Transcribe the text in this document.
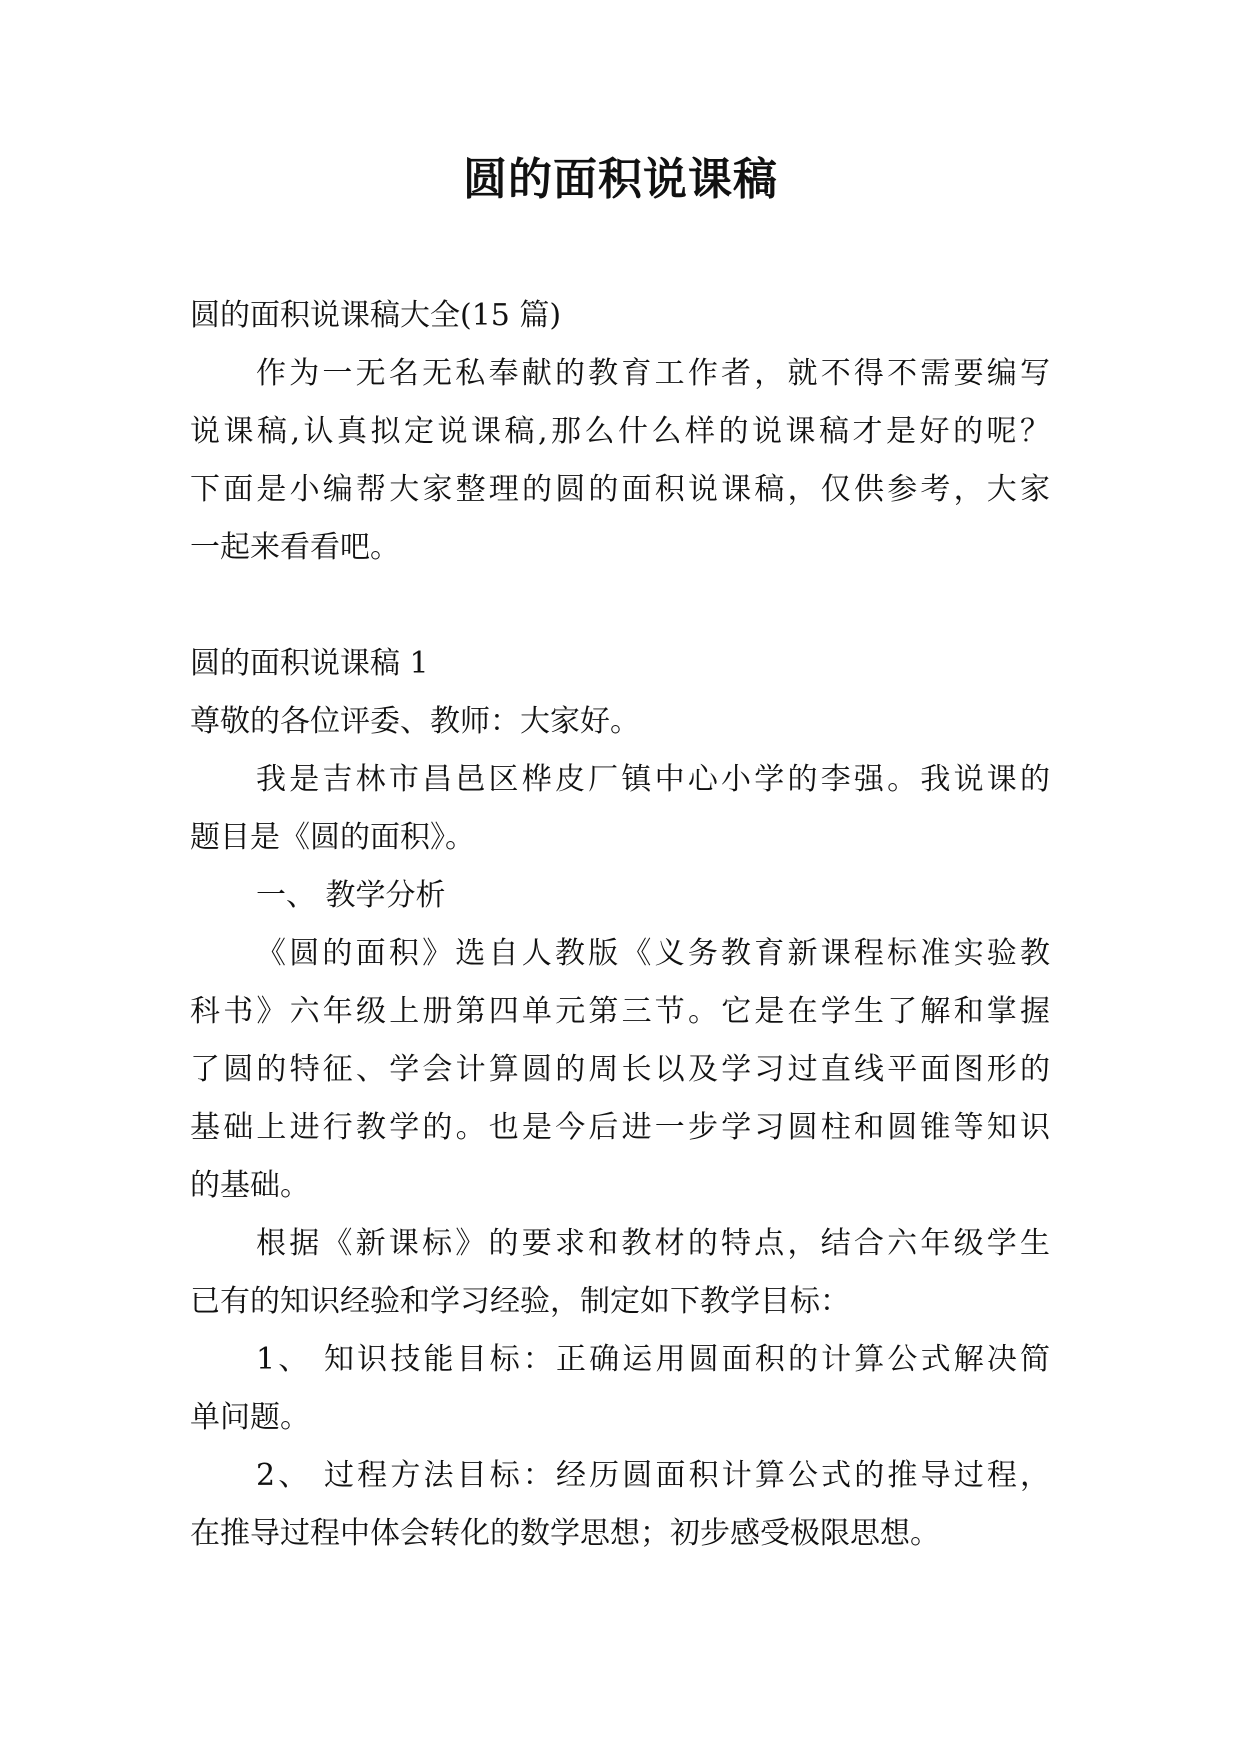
圆的面积说课稿

圆的面积说课稿大全(15 篇)

作为一无名无私奉献的教育工作者，就不得不需要编写

说课稿,认真拟定说课稿,那么什么样的说课稿才是好的呢？

下面是小编帮大家整理的圆的面积说课稿，仅供参考，大家

一起来看看吧。

圆的面积说课稿 1

尊敬的各位评委、教师：大家好。

我是吉林市昌邑区桦皮厂镇中心小学的李强。我说课的

题目是《圆的面积》。

一、 教学分析

《圆的面积》选自人教版《义务教育新课程标准实验教

科书》六年级上册第四单元第三节。它是在学生了解和掌握

了圆的特征、学会计算圆的周长以及学习过直线平面图形的

基础上进行教学的。也是今后进一步学习圆柱和圆锥等知识

的基础。

根据《新课标》的要求和教材的特点，结合六年级学生

已有的知识经验和学习经验，制定如下教学目标：

1、 知识技能目标：正确运用圆面积的计算公式解决简

单问题。

2、 过程方法目标：经历圆面积计算公式的推导过程，

在推导过程中体会转化的数学思想；初步感受极限思想。
